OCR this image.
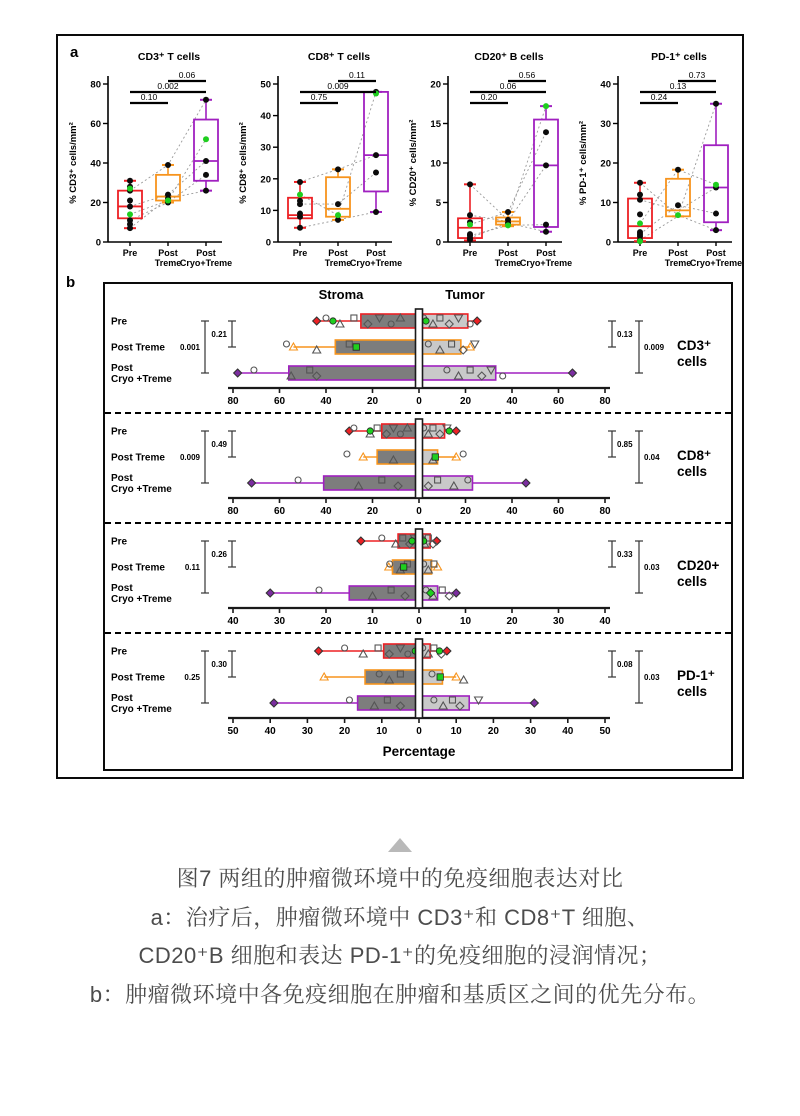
a
0
20
40
60
80
Pre Post
Treme
Post
Cryo+Treme
0.10
0.002
0.06
CD3⁺ T cells
% CD3⁺ cells/mm²
0
10
20
30
40
50
Pre Post
Treme
Post
Cryo+Treme
0.75
0.009
0.11
CD8⁺ T cells
% CD8⁺ cells/mm²
0
5
10
15
20
Pre Post
Treme
Post
Cryo+Treme
0.20
0.06
0.56
CD20⁺ B cells
% CD20⁺ cells/mm²
0
10
20
30
40
Pre Post
Treme
Post
Cryo+Treme
0.24
0.13
0.73
PD-1⁺ cells
% PD-1⁺ cells/mm²
b
Stroma	Tumor
0
20	20
40	40
60	60
80	80
Pre
Post Treme
Post
Cryo +Treme
0.001
0.21	0.13
0.009 CD3⁺
cells
0
20	20
40	40
60	60
80	80
Pre
Post Treme
Post
Cryo +Treme
0.009
0.49	0.85
0.04 CD8⁺
cells
0
10	10
20	20
30	30
40	40
Pre
Post Treme
Post
Cryo +Treme
0.11
0.26	0.33
0.03 CD20+
cells
0
10	10
20	20
30	30
40	40
50	50
Pre
Post Treme
Post
Cryo +Treme
0.25
0.30	0.08
0.03 PD-1⁺
cells
Percentage
图7 两组的肿瘤微环境中的免疫细胞表达对比
a：治疗后，肿瘤微环境中 CD3⁺和 CD8⁺T 细胞、
CD20⁺B 细胞和表达 PD-1⁺的免疫细胞的浸润情况；
b：肿瘤微环境中各免疫细胞在肿瘤和基质区之间的优先分布。
